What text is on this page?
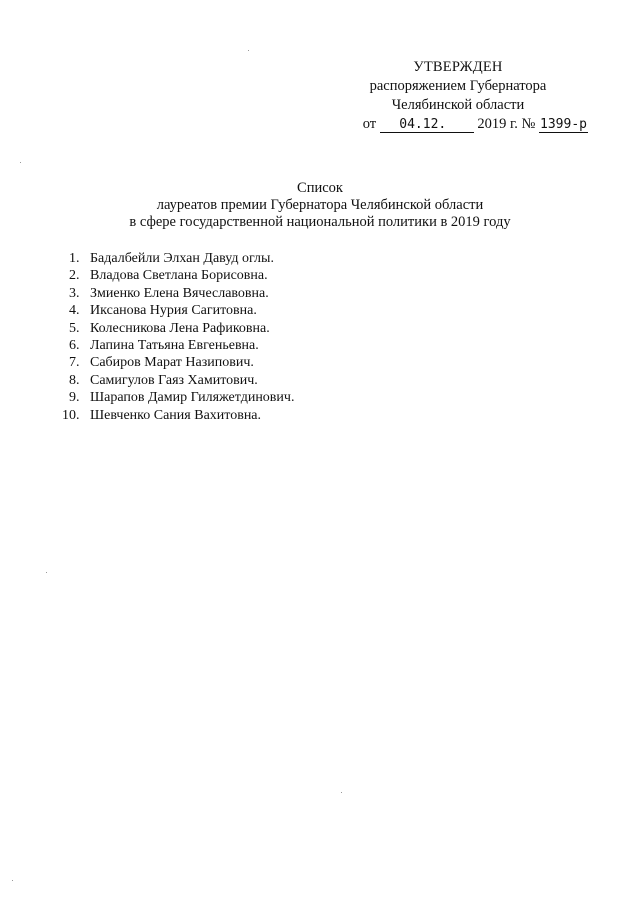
УТВЕРЖДЕН
распоряжением Губернатора
Челябинской области
от 04.12. 2019 г. № 1399-р
Список
лауреатов премии Губернатора Челябинской области
в сфере государственной национальной политики в 2019 году
1. Бадалбейли Элхан Давуд оглы.
2. Владова Светлана Борисовна.
3. Змиенко Елена Вячеславовна.
4. Иксанова Нурия Сагитовна.
5. Колесникова Лена Рафиковна.
6. Лапина Татьяна Евгеньевна.
7. Сабиров Марат Назипович.
8. Самигулов Гаяз Хамитович.
9. Шарапов Дамир Гиляжетдинович.
10. Шевченко Сания Вахитовна.
